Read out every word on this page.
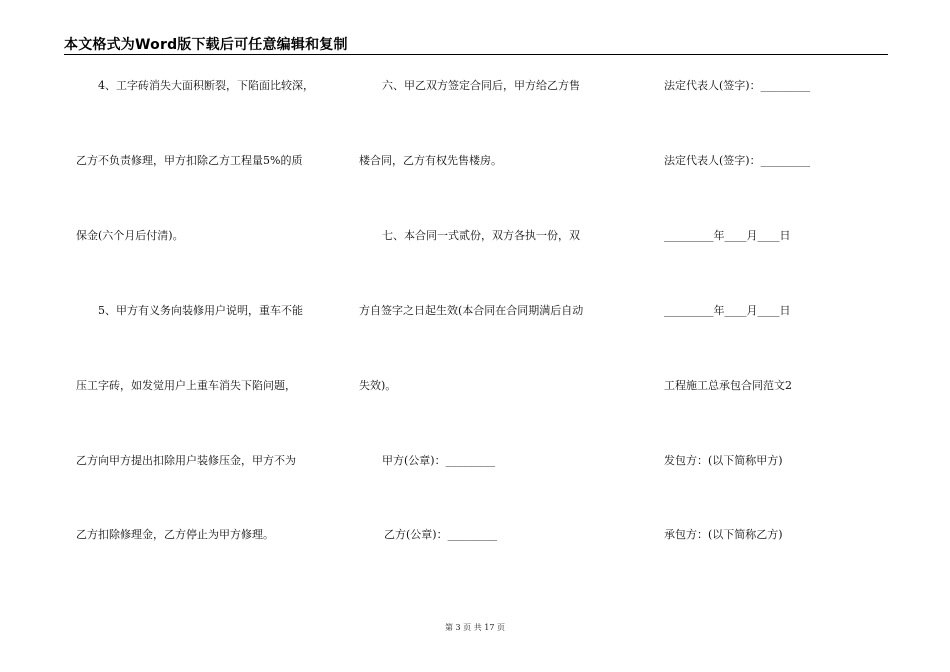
本文格式为Word版下载后可任意编辑和复制
4、工字砖消失大面积断裂，下陷面比较深，
乙方不负责修理，甲方扣除乙方工程量5%的质
保金(六个月后付清)。
5、甲方有义务向装修用户说明，重车不能
压工字砖，如发觉用户上重车消失下陷问题，
乙方向甲方提出扣除用户装修压金，甲方不为
乙方扣除修理金，乙方停止为甲方修理。
六、甲乙双方签定合同后，甲方给乙方售
楼合同，乙方有权先售楼房。
七、本合同一式贰份，双方各执一份，双
方自签字之日起生效(本合同在合同期满后自动
失效)。
甲方(公章)：_________
乙方(公章)：_________
法定代表人(签字)：_________
法定代表人(签字)：_________
_________年____月____日
_________年____月____日
工程施工总承包合同范文2
发包方：(以下简称甲方)
承包方：(以下简称乙方)
第 3 页 共 17 页
